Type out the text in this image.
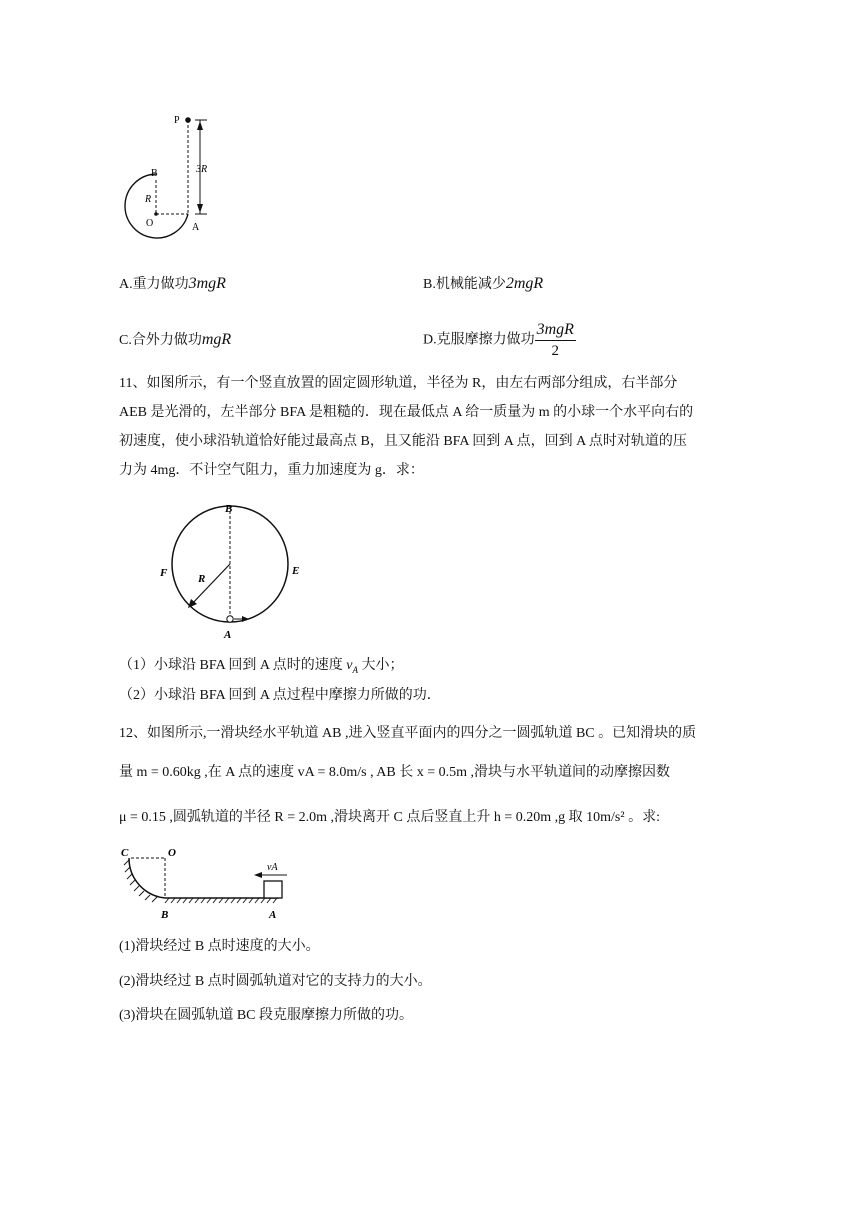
P
3R
B
R
O	A
A.重力做功3mgR	B.机械能减少2mgR
C.合外力做功mgR	D.克服摩擦力做功 $\frac{\text{3mgR}}{2}$
11、如图所示，有一个竖直放置的固定圆形轨道，半径为 R，由左右两部分组成，右半部分
AEB 是光滑的，左半部分 BFA 是粗糙的．现在最低点 A 给一质量为 m 的小球一个水平向右的
初速度，使小球沿轨道恰好能过最高点 B，且又能沿 BFA 回到 A 点，回到 A 点时对轨道的压
力为 4mg．不计空气阻力，重力加速度为 g．求：
B
F	E
R
A
（1）小球沿 BFA 回到 A 点时的速度 $v_A$ 大小；
（2）小球沿 BFA 回到 A 点过程中摩擦力所做的功．
12、如图所示,一滑块经水平轨道 AB ,进入竖直平面内的四分之一圆弧轨道 BC 。已知滑块的质
量 m = 0.60kg ,在 A 点的速度 vA = 8.0m/s , AB 长 x = 0.5m ,滑块与水平轨道间的动摩擦因数
μ = 0.15 ,圆弧轨道的半径 R = 2.0m ,滑块离开 C 点后竖直上升 h = 0.20m ,g 取 10m/s² 。求:
C	O
vA
B	A
(1)滑块经过 B 点时速度的大小。
(2)滑块经过 B 点时圆弧轨道对它的支持力的大小。
(3)滑块在圆弧轨道 BC 段克服摩擦力所做的功。
